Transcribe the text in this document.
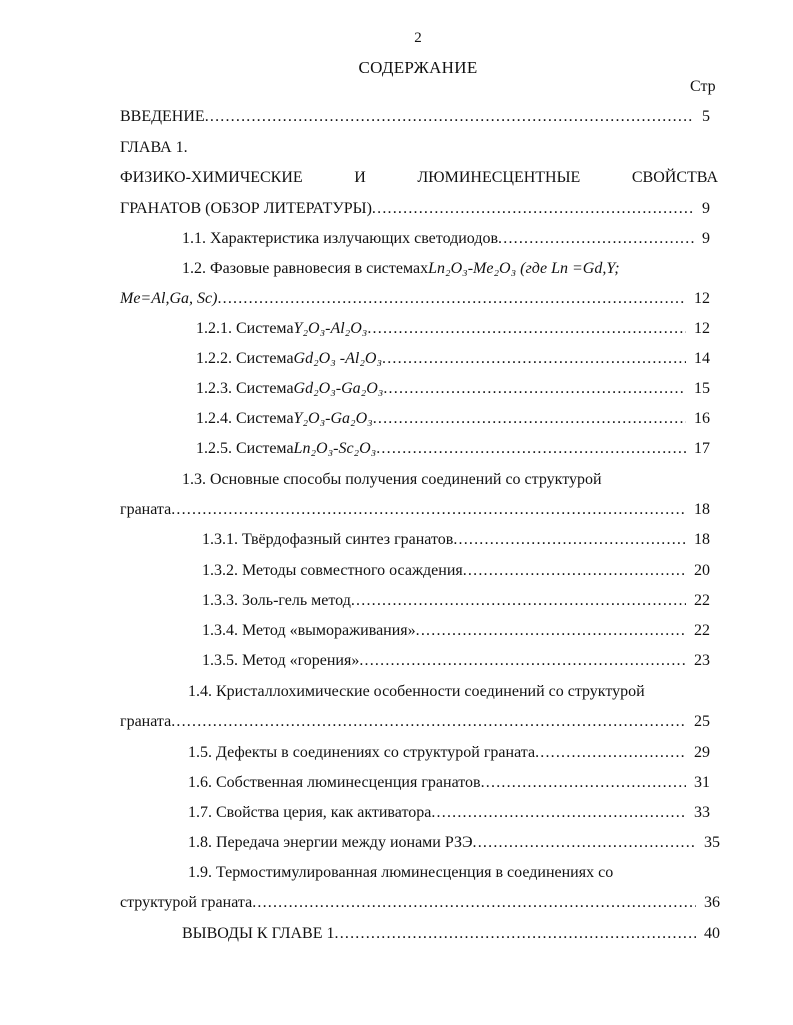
2
СОДЕРЖАНИЕ
Стр
ВВЕДЕНИЕ .....	5
ГЛАВА 1.
ФИЗИКО-ХИМИЧЕСКИЕ	И	ЛЮМИНЕСЦЕНТНЫЕ	СВОЙСТВА
ГРАНАТОВ (ОБЗОР ЛИТЕРАТУРЫ) .....	9
1.1. Характеристика излучающих светодиодов .....	9
1.2. Фазовые равновесия в системах Ln₂O₃-Me₂O₃ (где Ln =Gd,Y;
Me=Al,Ga, Sc) .....	12
1.2.1. Система Y₂O₃-Al₂O₃ .....	12
1.2.2. Система Gd₂O₃ -Al₂O₃ .....	14
1.2.3. Система Gd₂O₃-Ga₂O₃ .....	15
1.2.4. Система Y₂O₃-Ga₂O₃ .....	16
1.2.5. Система Ln₂O₃-Sc₂O₃ .....	17
1.3. Основные способы получения соединений со структурой
граната .....	18
1.3.1. Твёрдофазный синтез гранатов .....	18
1.3.2. Методы совместного осаждения .....	20
1.3.3. Золь-гель метод .....	22
1.3.4. Метод «вымораживания» .....	22
1.3.5. Метод «горения» .....	23
1.4. Кристаллохимические особенности соединений со структурой
граната .....	25
1.5. Дефекты в соединениях со структурой граната .....	29
1.6. Собственная люминесценция гранатов .....	31
1.7. Свойства церия, как активатора .....	33
1.8. Передача энергии между ионами РЗЭ .....	35
1.9. Термостимулированная люминесценция в соединениях со
структурой граната .....	36
ВЫВОДЫ К ГЛАВЕ 1 .....	40
